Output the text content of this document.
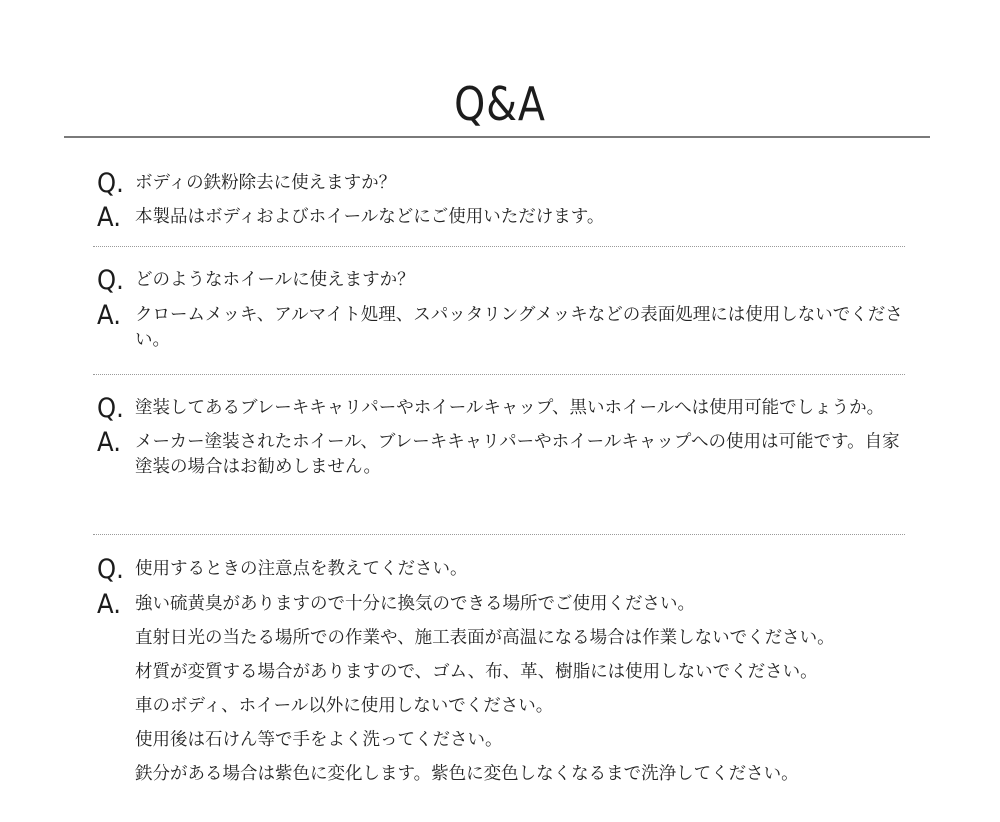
Q&A
Q. ボディの鉄粉除去に使えますか？
A. 本製品はボディおよびホイールなどにご使用いただけます。
Q. どのようなホイールに使えますか？
A. クロームメッキ、アルマイト処理、スパッタリングメッキなどの表面処理には使用しないでください。
Q. 塗装してあるブレーキキャリパーやホイールキャップ、黒いホイールへは使用可能でしょうか。
A. メーカー塗装されたホイール、ブレーキキャリパーやホイールキャップへの使用は可能です。自家塗装の場合はお勧めしません。
Q. 使用するときの注意点を教えてください。
A. 強い硫黄臭がありますので十分に換気のできる場所でご使用ください。
直射日光の当たる場所での作業や、施工表面が高温になる場合は作業しないでください。
材質が変質する場合がありますので、ゴム、布、革、樹脂には使用しないでください。
車のボディ、ホイール以外に使用しないでください。
使用後は石けん等で手をよく洗ってください。
鉄分がある場合は紫色に変化します。紫色に変色しなくなるまで洗浄してください。
